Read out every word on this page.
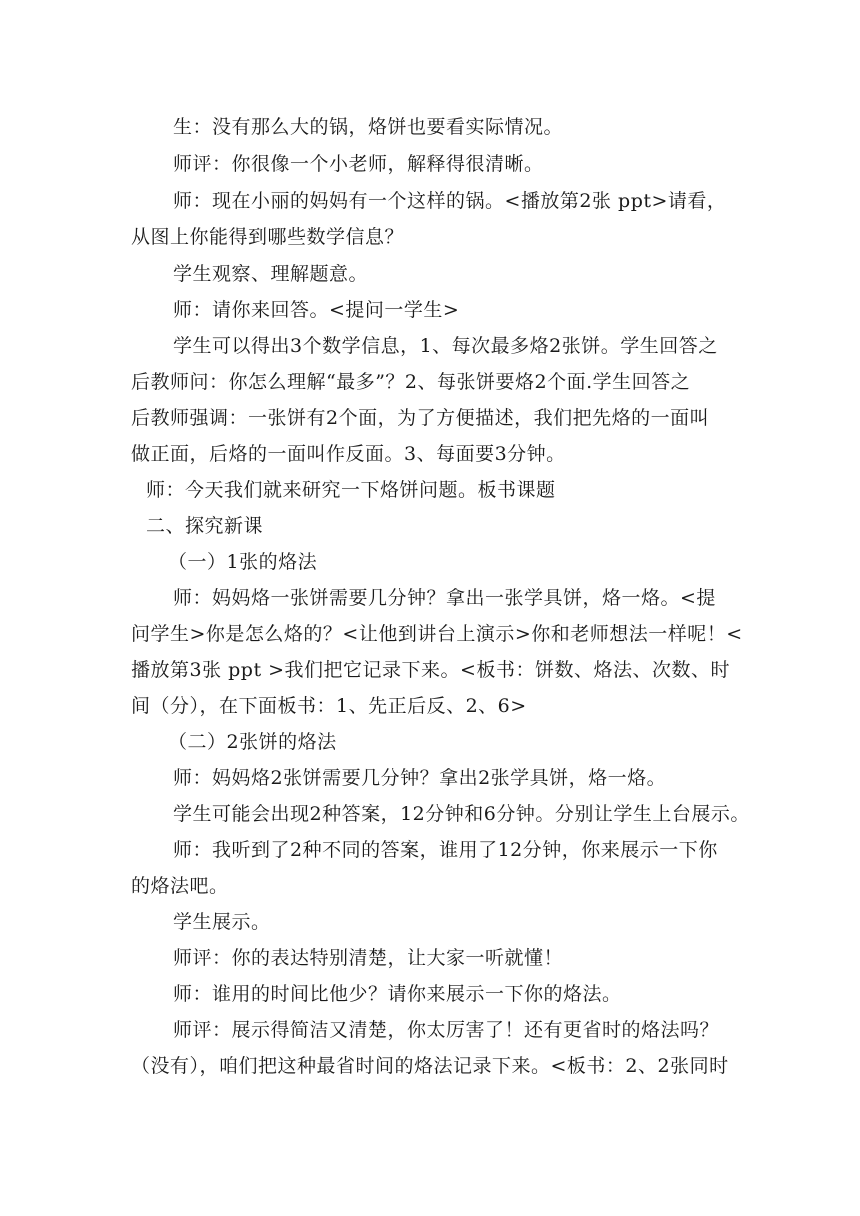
生：没有那么大的锅，烙饼也要看实际情况。
师评：你很像一个小老师，解释得很清晰。
师：现在小丽的妈妈有一个这样的锅。<播放第2张 ppt>请看，
从图上你能得到哪些数学信息？
学生观察、理解题意。
师：请你来回答。<提问一学生>
学生可以得出3个数学信息，1、每次最多烙2张饼。学生回答之
后教师问：你怎么理解“最多”？2、每张饼要烙2个面.学生回答之
后教师强调：一张饼有2个面，为了方便描述，我们把先烙的一面叫
做正面，后烙的一面叫作反面。3、每面要3分钟。
师：今天我们就来研究一下烙饼问题。板书课题
二、探究新课
（一）1张的烙法
师：妈妈烙一张饼需要几分钟？拿出一张学具饼，烙一烙。<提
问学生>你是怎么烙的？<让他到讲台上演示>你和老师想法一样呢！<
播放第3张 ppt >我们把它记录下来。<板书：饼数、烙法、次数、时
间（分），在下面板书：1、先正后反、2、6>
（二）2张饼的烙法
师：妈妈烙2张饼需要几分钟？拿出2张学具饼，烙一烙。
学生可能会出现2种答案，12分钟和6分钟。分别让学生上台展示。
师：我听到了2种不同的答案，谁用了12分钟，你来展示一下你
的烙法吧。
学生展示。
师评：你的表达特别清楚，让大家一听就懂！
师：谁用的时间比他少？请你来展示一下你的烙法。
师评：展示得简洁又清楚，你太厉害了！还有更省时的烙法吗？
（没有），咱们把这种最省时间的烙法记录下来。<板书：2、2张同时
